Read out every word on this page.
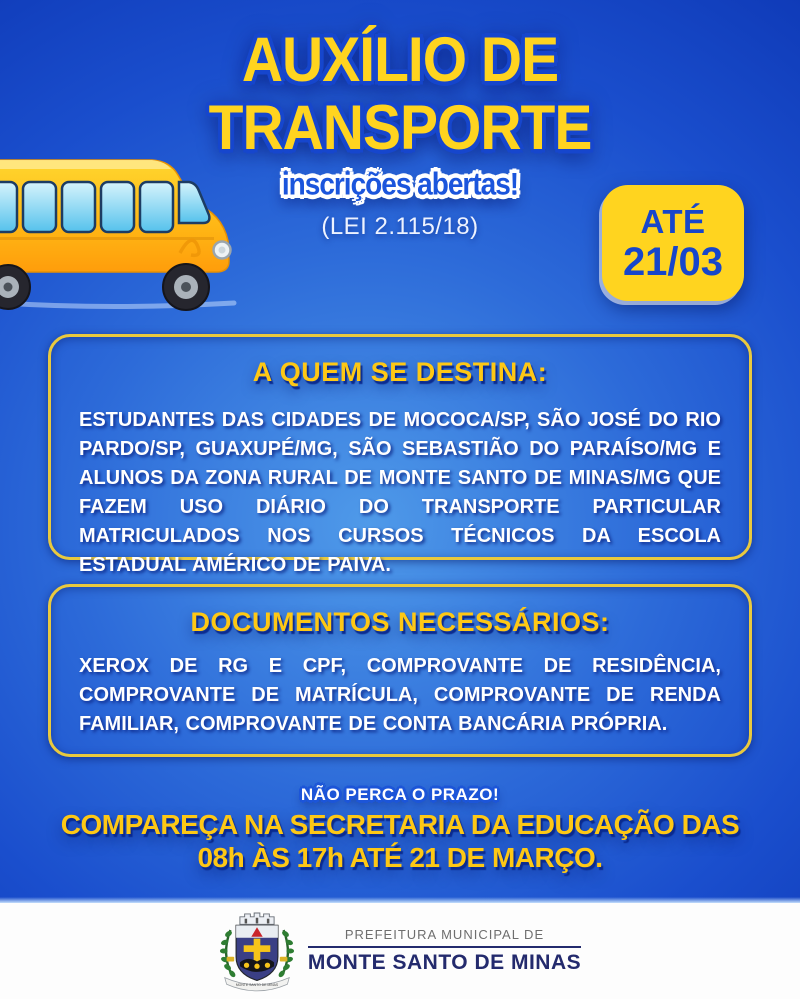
AUXÍLIO DE
TRANSPORTE
inscrições abertas!
(LEI 2.115/18)	ATÉ
21/03
A QUEM SE DESTINA:

ESTUDANTES DAS CIDADES DE MOCOCA/SP, SÃO JOSÉ DO RIO PARDO/SP, GUAXUPÉ/MG, SÃO SEBASTIÃO DO PARAÍSO/MG E ALUNOS DA ZONA RURAL DE MONTE SANTO DE MINAS/MG QUE FAZEM USO DIÁRIO DO TRANSPORTE PARTICULAR MATRICULADOS NOS CURSOS TÉCNICOS DA ESCOLA ESTADUAL AMÉRICO DE PAIVA.

DOCUMENTOS NECESSÁRIOS:

XEROX DE RG E CPF, COMPROVANTE DE RESIDÊNCIA, COMPROVANTE DE MATRÍCULA, COMPROVANTE DE RENDA FAMILIAR, COMPROVANTE DE CONTA BANCÁRIA PRÓPRIA.

NÃO PERCA O PRAZO!
COMPAREÇA NA SECRETARIA DA EDUCAÇÃO DAS
08h ÀS 17h ATÉ 21 DE MARÇO.
MONTE SANTO DE MINAS
PREFEITURA MUNICIPAL DE
MONTE SANTO DE MINAS
